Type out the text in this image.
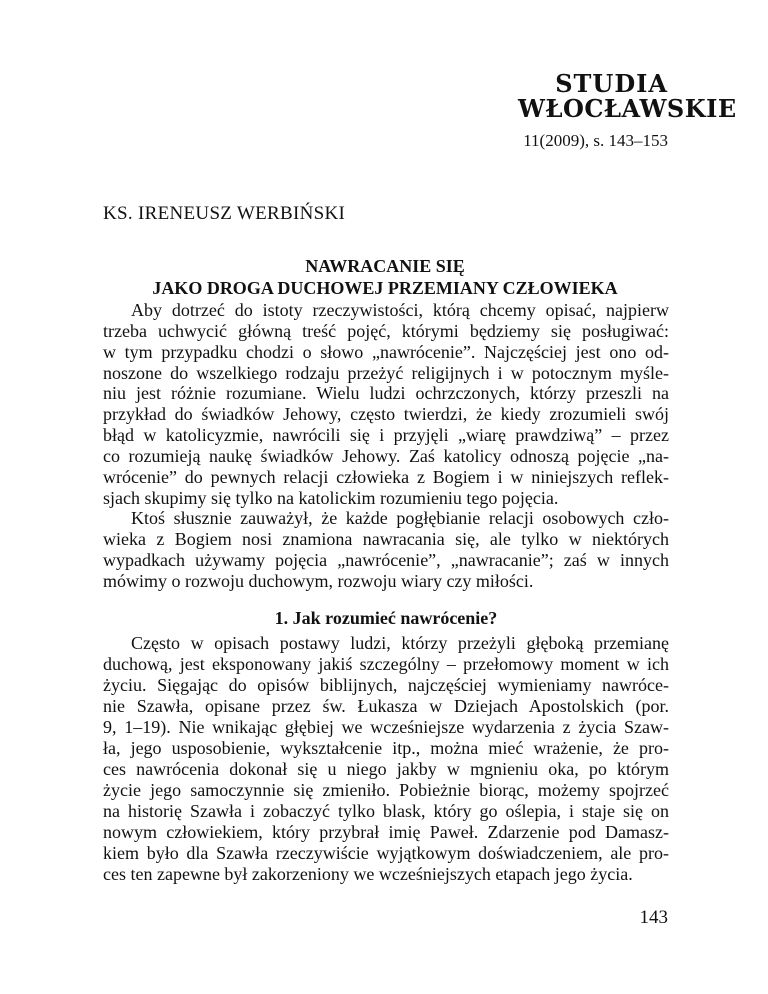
STUDIA
WŁOCŁAWSKIE
11(2009), s. 143–153
KS. IRENEUSZ WERBIŃSKI
NAWRACANIE SIĘ
JAKO DROGA DUCHOWEJ PRZEMIANY CZŁOWIEKA

Aby dotrzeć do istoty rzeczywistości, którą chcemy opisać, najpierw
trzeba uchwycić główną treść pojęć, którymi będziemy się posługiwać:
w tym przypadku chodzi o słowo „nawrócenie”. Najczęściej jest ono od-
noszone do wszelkiego rodzaju przeżyć religijnych i w potocznym myśle-
niu jest różnie rozumiane. Wielu ludzi ochrzczonych, którzy przeszli na
przykład do świadków Jehowy, często twierdzi, że kiedy zrozumieli swój
błąd w katolicyzmie, nawrócili się i przyjęli „wiarę prawdziwą” – przez
co rozumieją naukę świadków Jehowy. Zaś katolicy odnoszą pojęcie „na-
wrócenie” do pewnych relacji człowieka z Bogiem i w niniejszych reflek-
sjach skupimy się tylko na katolickim rozumieniu tego pojęcia.

Ktoś słusznie zauważył, że każde pogłębianie relacji osobowych czło-
wieka z Bogiem nosi znamiona nawracania się, ale tylko w niektórych
wypadkach używamy pojęcia „nawrócenie”, „nawracanie”; zaś w innych
mówimy o rozwoju duchowym, rozwoju wiary czy miłości.

1. Jak rozumieć nawrócenie?

Często w opisach postawy ludzi, którzy przeżyli głęboką przemianę
duchową, jest eksponowany jakiś szczególny – przełomowy moment w ich
życiu. Sięgając do opisów biblijnych, najczęściej wymieniamy nawróce-
nie Szawła, opisane przez św. Łukasza w Dziejach Apostolskich (por.
9, 1–19). Nie wnikając głębiej we wcześniejsze wydarzenia z życia Szaw-
ła, jego usposobienie, wykształcenie itp., można mieć wrażenie, że pro-
ces nawrócenia dokonał się u niego jakby w mgnieniu oka, po którym
życie jego samoczynnie się zmieniło. Pobieżnie biorąc, możemy spojrzeć
na historię Szawła i zobaczyć tylko blask, który go oślepia, i staje się on
nowym człowiekiem, który przybrał imię Paweł. Zdarzenie pod Damasz-
kiem było dla Szawła rzeczywiście wyjątkowym doświadczeniem, ale pro-
ces ten zapewne był zakorzeniony we wcześniejszych etapach jego życia.

143
